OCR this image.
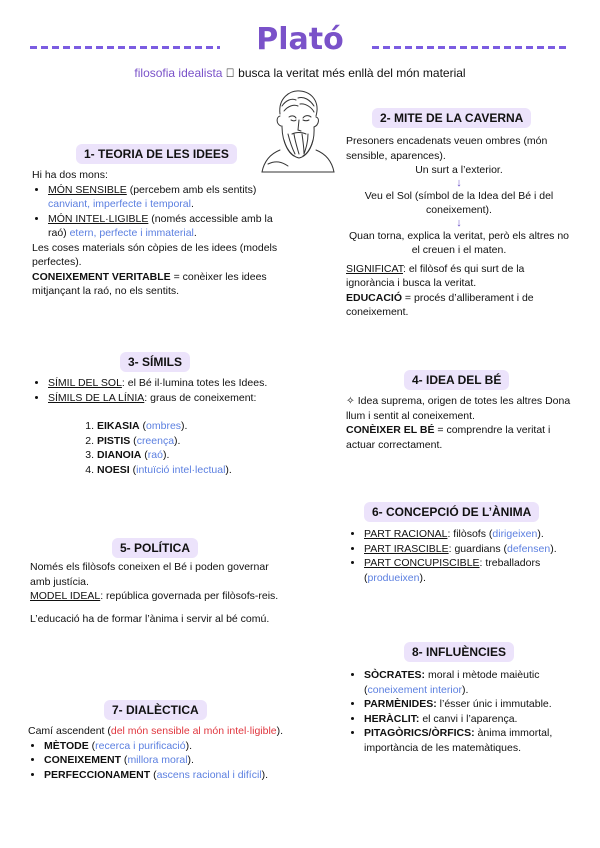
Plató
filosofia idealista busca la veritat més enllà del món material
1- TEORIA DE LES IDEES

Hi ha dos mons:

• MÓN SENSIBLE (percebem amb els sentits) canviant, imperfecte i temporal.
• MÓN INTEL·LIGIBLE (només accessible amb la raó) etern, perfecte i immaterial.

Les coses materials són còpies de les idees (models perfectes).

CONEIXEMENT VERITABLE = conèixer les idees mitjançant la raó, no els sentits.

2- MITE DE LA CAVERNA

Presoners encadenats veuen ombres (món sensible, aparences).

Un surt a l’exterior.

↓

Veu el Sol (símbol de la Idea del Bé i del coneixement).

↓

Quan torna, explica la veritat, però els altres no el creuen i el maten.

SIGNIFICAT: el filòsof és qui surt de la ignorància i busca la veritat.

EDUCACIÓ = procés d’alliberament i de coneixement.

3- SÍMILS
• SÍMIL DEL SOL: el Bé il·lumina totes les Idees.
• SÍMILS DE LA LÍNIA: graus de coneixement:
1. EIKASIA (ombres).
2. PISTIS (creença).
3. DIANOIA (raó).
4. NOESI (intuïció intel·lectual).
4- IDEA DEL BÉ

✧ Idea suprema, origen de totes les altres Dona llum i sentit al coneixement.

CONÈIXER EL BÉ = comprendre la veritat i actuar correctament.

5- POLÍTICA

Només els filòsofs coneixen el Bé i poden governar amb justícia.

MODEL IDEAL: república governada per filòsofs-reis.

L’educació ha de formar l’ànima i servir al bé comú.

6- CONCEPCIÓ DE L’ÀNIMA
• PART RACIONAL: filòsofs (dirigeixen).
• PART IRASCIBLE: guardians (defensen).
• PART CONCUPISCIBLE: treballadors (produeixen).
7- DIALÈCTICA

Camí ascendent (del món sensible al món intel·ligible).

• MÈTODE (recerca i purificació).
• CONEIXEMENT (millora moral).
• PERFECCIONAMENT (ascens racional i difícil).
8- INFLUÈNCIES
• SÒCRATES: moral i mètode maièutic (coneixement interior).
• PARMÈNIDES: l’ésser únic i immutable.
• HERÀCLIT: el canvi i l’aparença.
• PITAGÒRICS/ÒRFICS: ànima immortal, importància de les matemàtiques.
